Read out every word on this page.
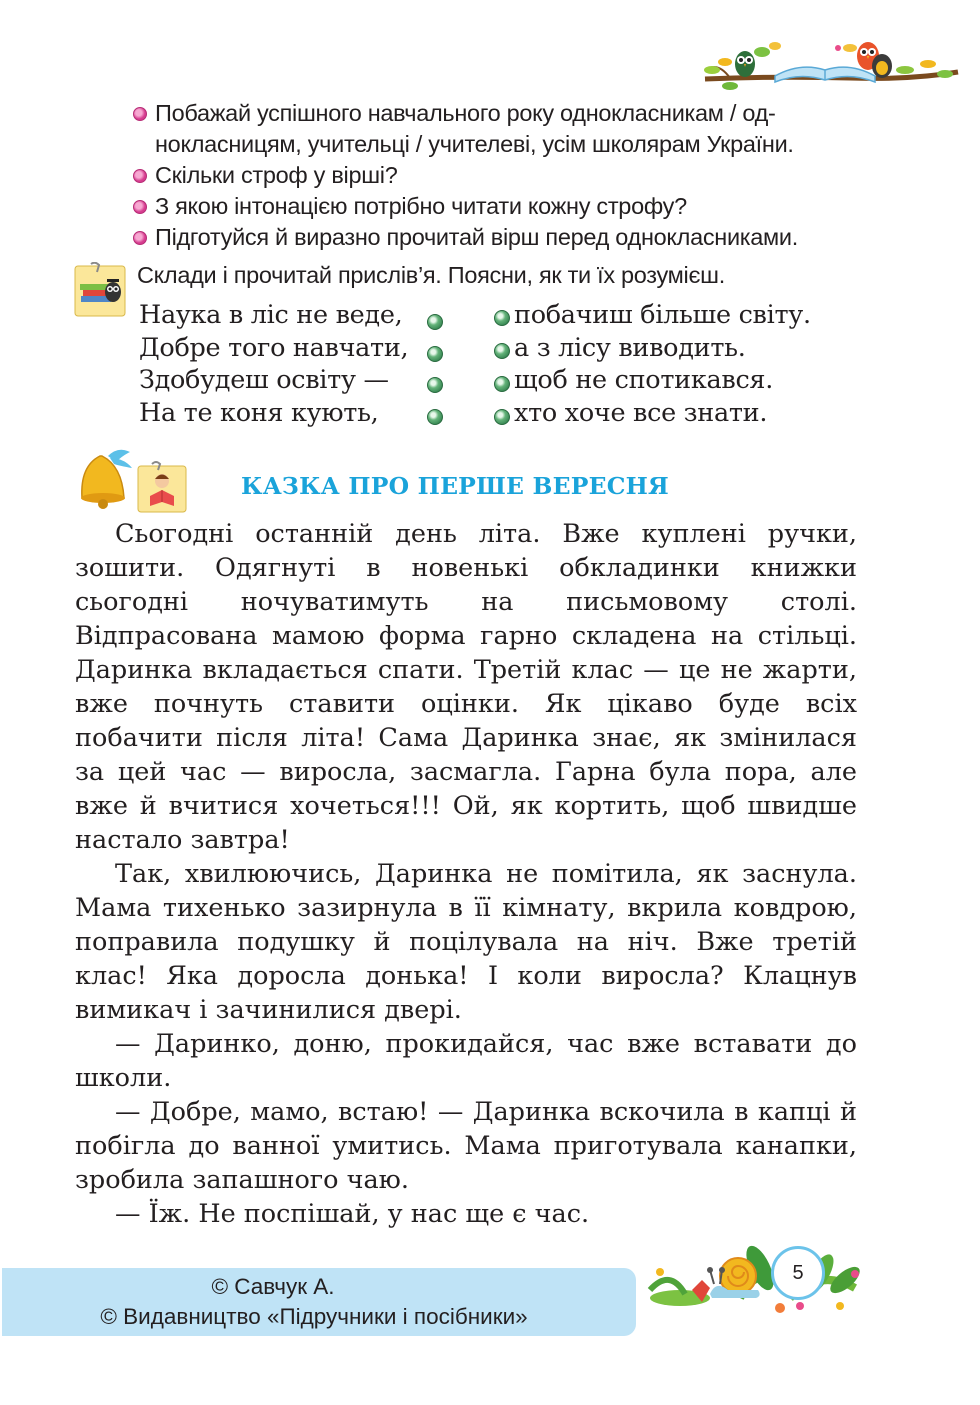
Побажай успішного навчального року однокласникам / од-
нокласницям, учительці / учителеві, усім школярам України.
Скільки строф у вірші?
З якою інтонацією потрібно читати кожну строфу?
Підготуйся й виразно прочитай вірш перед однокласниками.
Склади і прочитай прислів’я. Поясни, як ти їх розумієш.
Наука в ліс не веде,
Добре того навчати,
Здобудеш освіту —
На те коня кують,
побачиш більше світу.
а з лісу виводить.
щоб не спотикався.
хто хоче все знати.
КАЗКА ПРО ПЕРШЕ ВЕРЕСНЯ

Сьогодні останній день літа. Вже куплені ручки, зошити. Одягнуті в новенькі обкладинки книжки сьогодні ночуватимуть на письмовому столі. Відпрасована мамою форма гарно складена на стільці. Даринка вкладається спати. Третій клас — це не жарти, вже почнуть ставити оцінки. Як цікаво буде всіх побачити після літа! Сама Даринка знає, як змінилася за цей час — виросла, засмагла. Гарна була пора, але вже й вчитися хочеться!!! Ой, як кортить, щоб швидше настало завтра!

Так, хвилюючись, Даринка не помітила, як заснула. Мама тихенько зазирнула в її кімнату, вкрила ковдрою, поправила подушку й поцілувала на ніч. Вже третій клас! Яка доросла донька! І коли виросла? Клацнув вимикач і зачинилися двері.

— Даринко, доню, прокидайся, час вже вставати до школи.

— Добре, мамо, встаю! — Даринка вскочила в капці й побігла до ванної умитись. Мама приготувала канапки, зробила запашного чаю.

— Їж. Не поспішай, у нас ще є час.

© Савчук А.
© Видавництво «Підручники і посібники»
5
